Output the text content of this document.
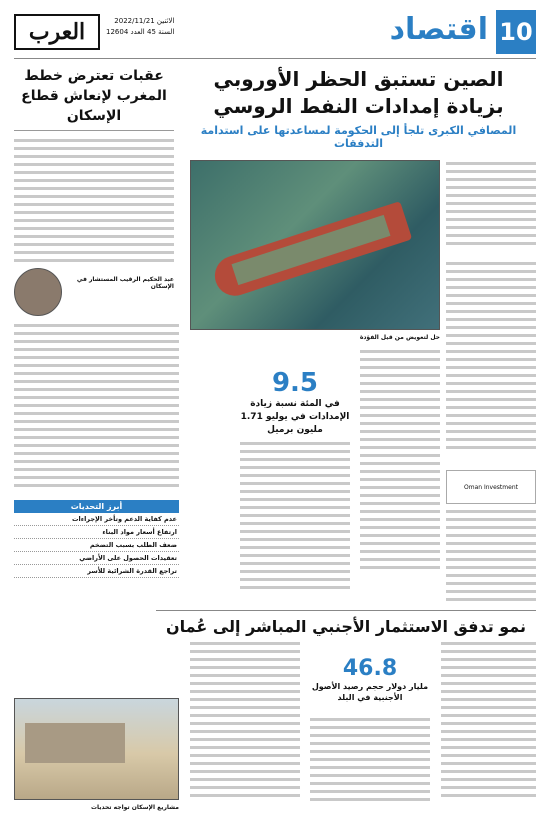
10
اقتصاد
العرب	الاثنين 2022/11/21
السنة 45 العدد 12604
الصين تستبق الحظر الأوروبي
بزيادة إمدادات النفط الروسي
المصافي الكبرى تلجأ إلى الحكومة لمساعدتها على استدامة التدفقات
عقبات تعترض خطط المغرب لإنعاش قطاع الإسكان
حل لتعويض من قيل الفؤدة
عبد الحكيم الرقيب المستشار في الإسكان
9.5
في المئة نسبة زيادة الإمدادات في يوليو 1.71 مليون برميل
Oman Investment
أبرز التحديات
عدم كفاية الدعم وتأخر الإجراءات
ارتفاع أسعار مواد البناء
ضعف الطلب بسبب التضخم
تعقيدات الحصول على الأراضي
تراجع القدرة الشرائية للأسر
نمو تدفق الاستثمار الأجنبي المباشر إلى عُمان
46.8
مليار دولار حجم رصيد الأصول الأجنبية في البلد
مشاريع الإسكان تواجه تحديات
